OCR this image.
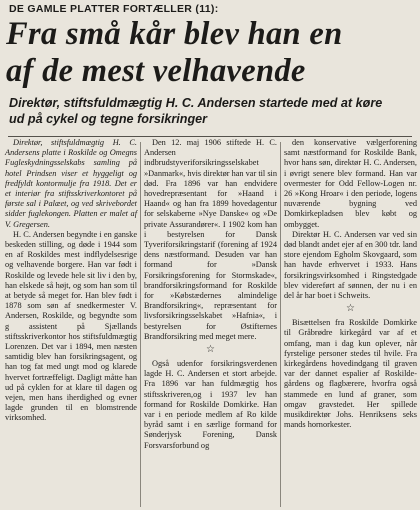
DE GAMLE PLATTER FORTÆLLER (11):
Fra små kår blev han en
af de mest velhavende
Direktør, stiftsfuldmægtig H. C. Andersen startede med at køre
ud på cykel og tegne forsikringer

Direktør, stiftsfuldmægtig H. C. Andersens platte i Roskilde og Omegns Fugleskydningsselskabs samling på hotel Prindsen viser et hyggeligt og fredfyldt kontormulje fra 1918. Det er et interiør fra stiftsskriverkontoret på første sal i Palæet, og ved skrivebordet sidder fuglekongen. Platten er malet af V. Gregersen.

H. C. Andersen begyndte i en ganske beskeden stilling, og døde i 1944 som en af Roskildes mest indflydelsesrige og velhavende borgere. Han var født i Roskilde og levede hele sit liv i den by, han elskede så højt, og som han som til at betyde så meget for. Han blev født i 1878 som søn af snedkermester V. Andersen, Roskilde, og begyndte som g assistent på Sjællands stiftsskriverkontor hos stiftsfuldmægtig Lorenzen. Det var i 1894, men næsten samtidig blev han forsikringsagent, og han tog fat med ungt mod og klarede hvervet fortræffeligt. Dagligt måtte han ud på cyklen for at klare til dagen og vejen, men hans iherdighed og evner lagde grunden til en blomstrende virksomhed.

Den 12. maj 1906 stiftede H. C. Andersen indbrudstyveriforsikringsselskabet »Danmark«, hvis direktør han var til sin død. Fra 1896 var han endvidere hovedrepræsentant for »Haand i Haand« og han fra 1899 hovedagentur for selskaberne »Nye Danske« og »De private Assurandører«. I 1902 kom han i bestyrelsen for Dansk Tyveriforsikringstarif (forening af 1924 dens næstformand. Desuden var han formand for »Dansk Forsikringsforening for Stormskade«, brandforsikringsformand for Roskilde for »Købstædernes almindelige Brandforsikring«, repræsentant for livsforsikringsselskabet »Hafnia«, i bestyrelsen for Østifternes Brandforsikring med meget mere.

☆

Også udenfor forsikringsverdenen lagde H. C. Andersen et stort arbejde. Fra 1896 var han fuldmægtig hos stiftsskriveren,og i 1937 lev han formand for Roskilde Domkirke. Han var i en periode medlem af Ro kilde byråd samt i en særlige formand for Sønderjysk Forening, Dansk Forsvarsforbund og

den konservative vælgerforening samt næstformand for Roskilde Bank, hvor hans søn, direktør H. C. Andersen, i øvrigt senere blev formand. Han var overmester for Odd Fellow-Logen nr. 26 »Kong Hroar« i den periode, logens nuværende bygning ved Domkirkepladsen blev købt og ombygget.

Direktør H. C. Andersen var ved sin død blandt andet ejer af en 300 tdr. land store ejendom Egholm Skovgaard, som han havde erhvervet i 1933. Hans forsikringsvirksomhed i Ringstedgade blev videreført af sønnen, der nu i en del år har boet i Schweits.

☆

Bisættelsen fra Roskilde Domkirke til Gråbrødre kirkegård var af et omfang, man i dag kun oplever, når fyrstelige personer stedes til hvile. Fra kirkegårdens hovedindgang til graven var der dannet espalier af Roskilde-gårdens og flagbærere, hvorfra også stammede en lund af graner, som omgav gravstedet. Her spillede musikdirektør Johs. Henriksens seks mands hornorkester.
